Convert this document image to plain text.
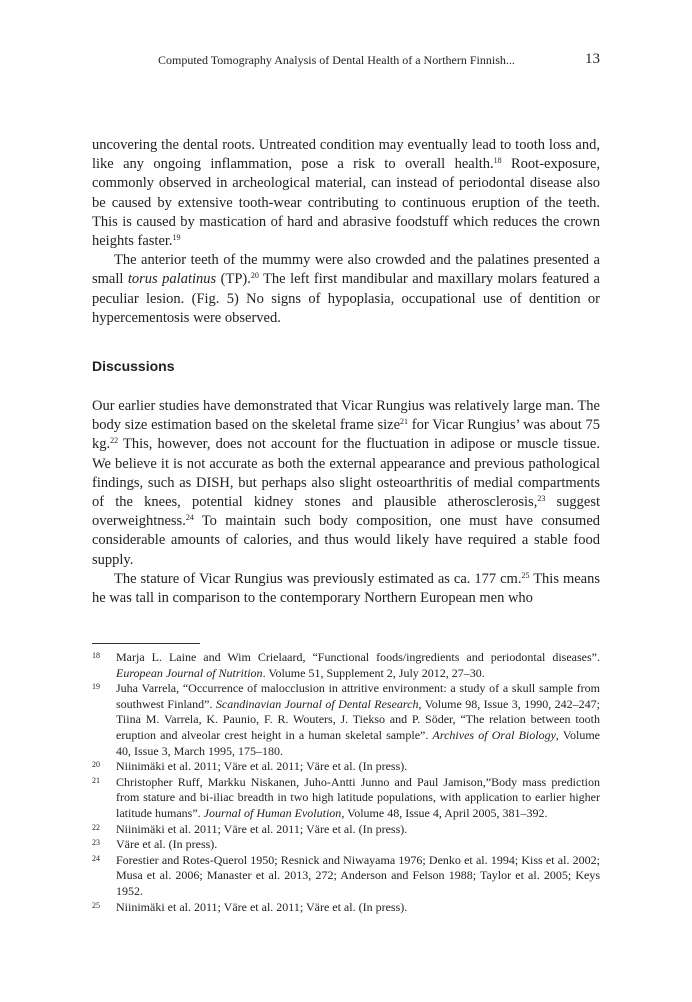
Computed Tomography Analysis of Dental Health of a Northern Finnish...	13

uncovering the dental roots. Untreated condition may eventually lead to tooth loss and, like any ongoing inflammation, pose a risk to overall health.$^{18}$ Root-exposure, commonly observed in archeological material, can instead of periodontal disease also be caused by extensive tooth-wear contributing to continuous eruption of the teeth. This is caused by mastication of hard and abrasive foodstuff which reduces the crown heights faster.$^{19}$

The anterior teeth of the mummy were also crowded and the palatines presented a small torus palatinus (TP).$^{20}$ The left first mandibular and maxillary molars featured a peculiar lesion. (Fig. 5) No signs of hypoplasia, occupational use of dentition or hypercementosis were observed.

Discussions

Our earlier studies have demonstrated that Vicar Rungius was relatively large man. The body size estimation based on the skeletal frame size$^{21}$ for Vicar Rungius’ was about 75 kg.$^{22}$ This, however, does not account for the fluctuation in adipose or muscle tissue. We believe it is not accurate as both the external appearance and previous pathological findings, such as DISH, but perhaps also slight osteoarthritis of medial compartments of the knees, potential kidney stones and plausible atherosclerosis,$^{23}$ suggest overweightness.$^{24}$ To maintain such body composition, one must have consumed considerable amounts of calories, and thus would likely have required a stable food supply.

The stature of Vicar Rungius was previously estimated as ca. 177 cm.$^{25}$ This means he was tall in comparison to the contemporary Northern European men who

18 Marja L. Laine and Wim Crielaard, “Functional foods/ingredients and periodontal diseases”. European Journal of Nutrition. Volume 51, Supplement 2, July 2012, 27–30.
19 Juha Varrela, “Occurrence of malocclusion in attritive environment: a study of a skull sample from southwest Finland”. Scandinavian Journal of Dental Research, Volume 98, Issue 3, 1990, 242–247; Tiina M. Varrela, K. Paunio, F. R. Wouters, J. Tiekso and P. Söder, “The relation between tooth eruption and alveolar crest height in a human skeletal sample”. Archives of Oral Biology, Volume 40, Issue 3, March 1995, 175–180.
20 Niinimäki et al. 2011; Väre et al. 2011; Väre et al. (In press).
21 Christopher Ruff, Markku Niskanen, Juho-Antti Junno and Paul Jamison,”Body mass prediction from stature and bi-iliac breadth in two high latitude populations, with application to earlier higher latitude humans”. Journal of Human Evolution, Volume 48, Issue 4, April 2005, 381–392.
22 Niinimäki et al. 2011; Väre et al. 2011; Väre et al. (In press).
23 Väre et al. (In press).
24 Forestier and Rotes-Querol 1950; Resnick and Niwayama 1976; Denko et al. 1994; Kiss et al. 2002; Musa et al. 2006; Manaster et al. 2013, 272; Anderson and Felson 1988; Taylor et al. 2005; Keys 1952.
25 Niinimäki et al. 2011; Väre et al. 2011; Väre et al. (In press).
